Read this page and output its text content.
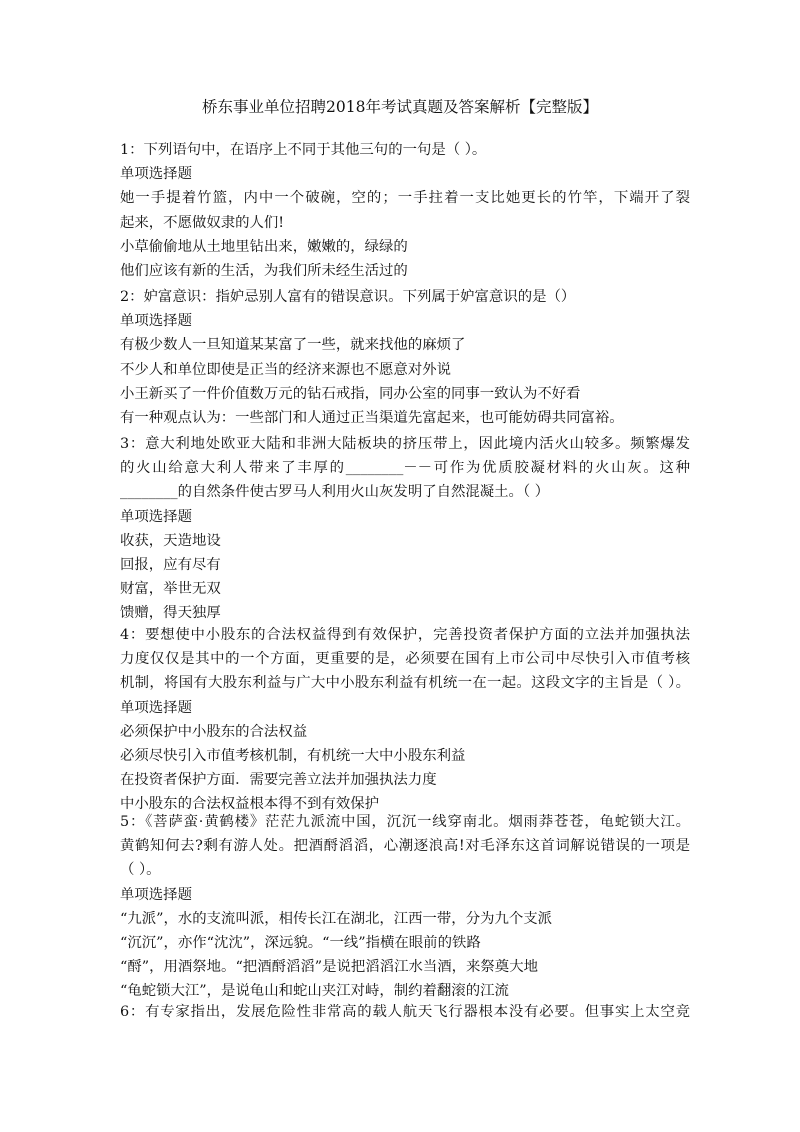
桥东事业单位招聘2018年考试真题及答案解析【完整版】
1：下列语句中，在语序上不同于其他三句的一句是（ ）。
单项选择题
她一手提着竹篮，内中一个破碗，空的；一手拄着一支比她更长的竹竿，下端开了裂
起来，不愿做奴隶的人们!
小草偷偷地从土地里钻出来，嫩嫩的，绿绿的
他们应该有新的生活，为我们所未经生活过的
2：妒富意识：指妒忌别人富有的错误意识。下列属于妒富意识的是（）
单项选择题
有极少数人一旦知道某某富了一些，就来找他的麻烦了
不少人和单位即使是正当的经济来源也不愿意对外说
小王新买了一件价值数万元的钻石戒指，同办公室的同事一致认为不好看
有一种观点认为：一些部门和人通过正当渠道先富起来，也可能妨碍共同富裕。
3：意大利地处欧亚大陆和非洲大陆板块的挤压带上，因此境内活火山较多。频繁爆发
的火山给意大利人带来了丰厚的________－－可作为优质胶凝材料的火山灰。这种
________的自然条件使古罗马人利用火山灰发明了自然混凝土。（ ）
单项选择题
收获，天造地设
回报，应有尽有
财富，举世无双
馈赠，得天独厚
4：要想使中小股东的合法权益得到有效保护，完善投资者保护方面的立法并加强执法
力度仅仅是其中的一个方面，更重要的是，必须要在国有上市公司中尽快引入市值考核
机制，将国有大股东利益与广大中小股东利益有机统一在一起。这段文字的主旨是（ ）。
单项选择题
必须保护中小股东的合法权益
必须尽快引入市值考核机制，有机统一大中小股东利益
在投资者保护方面．需要完善立法并加强执法力度
中小股东的合法权益根本得不到有效保护
5：《菩萨蛮·黄鹤楼》茫茫九派流中国，沉沉一线穿南北。烟雨莽苍苍，龟蛇锁大江。
黄鹤知何去?剩有游人处。把酒酹滔滔，心潮逐浪高!对毛泽东这首词解说错误的一项是
（ ）。
单项选择题
“九派”，水的支流叫派，相传长江在湖北，江西一带，分为九个支派
“沉沉”，亦作“沈沈”，深远貌。“一线”指横在眼前的铁路
“酹”，用酒祭地。“把酒酹滔滔”是说把滔滔江水当酒，来祭奠大地
“龟蛇锁大江”，是说龟山和蛇山夹江对峙，制约着翻滚的江流
6：有专家指出，发展危险性非常高的载人航天飞行器根本没有必要。但事实上太空竞
